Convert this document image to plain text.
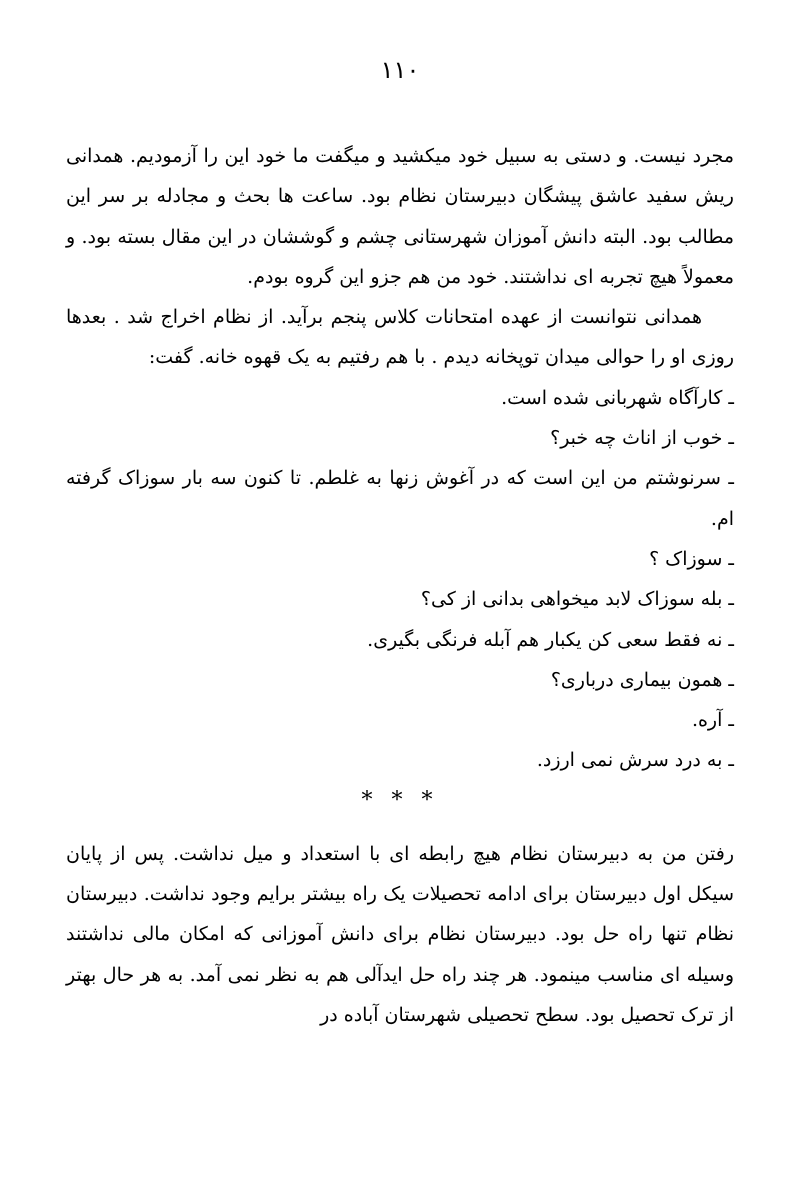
۱۱۰

مجرد نیست. و دستی به سبیل خود میکشید و میگفت ما خود این را آزمودیم. همدانی ریش سفید عاشق پیشگان دبیرستان نظام بود. ساعت ها بحث و مجادله بر سر این مطالب بود. البته دانش آموزان شهرستانی چشم و گوششان در این مقال بسته بود. و معمولاً هیچ تجربه ای نداشتند. خود من هم جزو این گروه بودم.

همدانی نتوانست از عهده امتحانات کلاس پنجم برآید. از نظام اخراج شد . بعدها روزی او را حوالی میدان توپخانه دیدم . با هم رفتیم به یک قهوه خانه. گفت:

ـ کارآگاه شهربانی شده است.

ـ خوب از اناث چه خبر؟

ـ سرنوشتم من این است که در آغوش زنها به غلطم. تا کنون سه بار سوزاک گرفته ام.

ـ سوزاک ؟

ـ بله سوزاک لابد میخواهی بدانی از کی؟

ـ نه فقط سعی کن یکبار هم آبله فرنگی بگیری.

ـ همون بیماری درباری؟

ـ آره.

ـ به درد سرش نمی ارزد.

* * *

رفتن من به دبیرستان نظام هیچ رابطه ای با استعداد و میل نداشت. پس از پایان سیکل اول دبیرستان برای ادامه تحصیلات یک راه بیشتر برایم وجود نداشت. دبیرستان نظام تنها راه حل بود. دبیرستان نظام برای دانش آموزانی که امکان مالی نداشتند وسیله ای مناسب مینمود. هر چند راه حل ایدآلی هم به نظر نمی آمد. به هر حال بهتر از ترک تحصیل بود. سطح تحصیلی شهرستان آباده در
